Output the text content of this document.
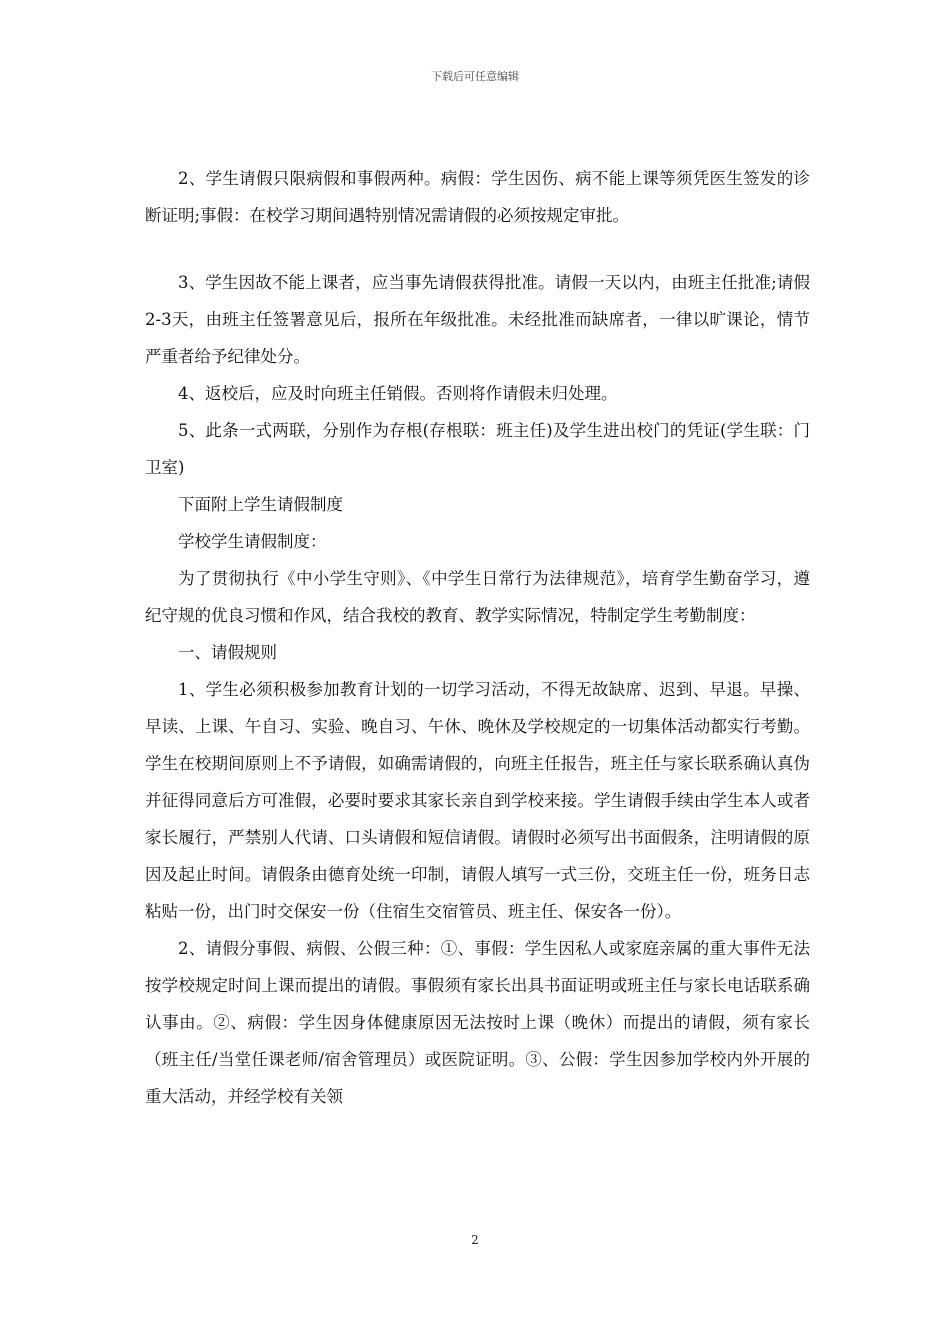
下载后可任意编辑

2、学生请假只限病假和事假两种。病假：学生因伤、病不能上课等须凭医生签发的诊断证明;事假：在校学习期间遇特别情况需请假的必须按规定审批。

3、学生因故不能上课者，应当事先请假获得批准。请假一天以内，由班主任批准;请假2-3天，由班主任签署意见后，报所在年级批准。未经批准而缺席者，一律以旷课论，情节严重者给予纪律处分。

4、返校后，应及时向班主任销假。否则将作请假未归处理。

5、此条一式两联，分别作为存根(存根联：班主任)及学生进出校门的凭证(学生联：门卫室)

下面附上学生请假制度

学校学生请假制度：

为了贯彻执行《中小学生守则》、《中学生日常行为法律规范》，培育学生勤奋学习，遵纪守规的优良习惯和作风，结合我校的教育、教学实际情况，特制定学生考勤制度：

一、请假规则

1、学生必须积极参加教育计划的一切学习活动，不得无故缺席、迟到、早退。早操、早读、上课、午自习、实验、晚自习、午休、晚休及学校规定的一切集体活动都实行考勤。学生在校期间原则上不予请假，如确需请假的，向班主任报告，班主任与家长联系确认真伪并征得同意后方可准假，必要时要求其家长亲自到学校来接。学生请假手续由学生本人或者家长履行，严禁别人代请、口头请假和短信请假。请假时必须写出书面假条，注明请假的原因及起止时间。请假条由德育处统一印制，请假人填写一式三份，交班主任一份，班务日志粘贴一份，出门时交保安一份（住宿生交宿管员、班主任、保安各一份）。

2、请假分事假、病假、公假三种：①、事假：学生因私人或家庭亲属的重大事件无法按学校规定时间上课而提出的请假。事假须有家长出具书面证明或班主任与家长电话联系确认事由。②、病假：学生因身体健康原因无法按时上课（晚休）而提出的请假，须有家长（班主任/当堂任课老师/宿舍管理员）或医院证明。③、公假：学生因参加学校内外开展的重大活动，并经学校有关领

2
